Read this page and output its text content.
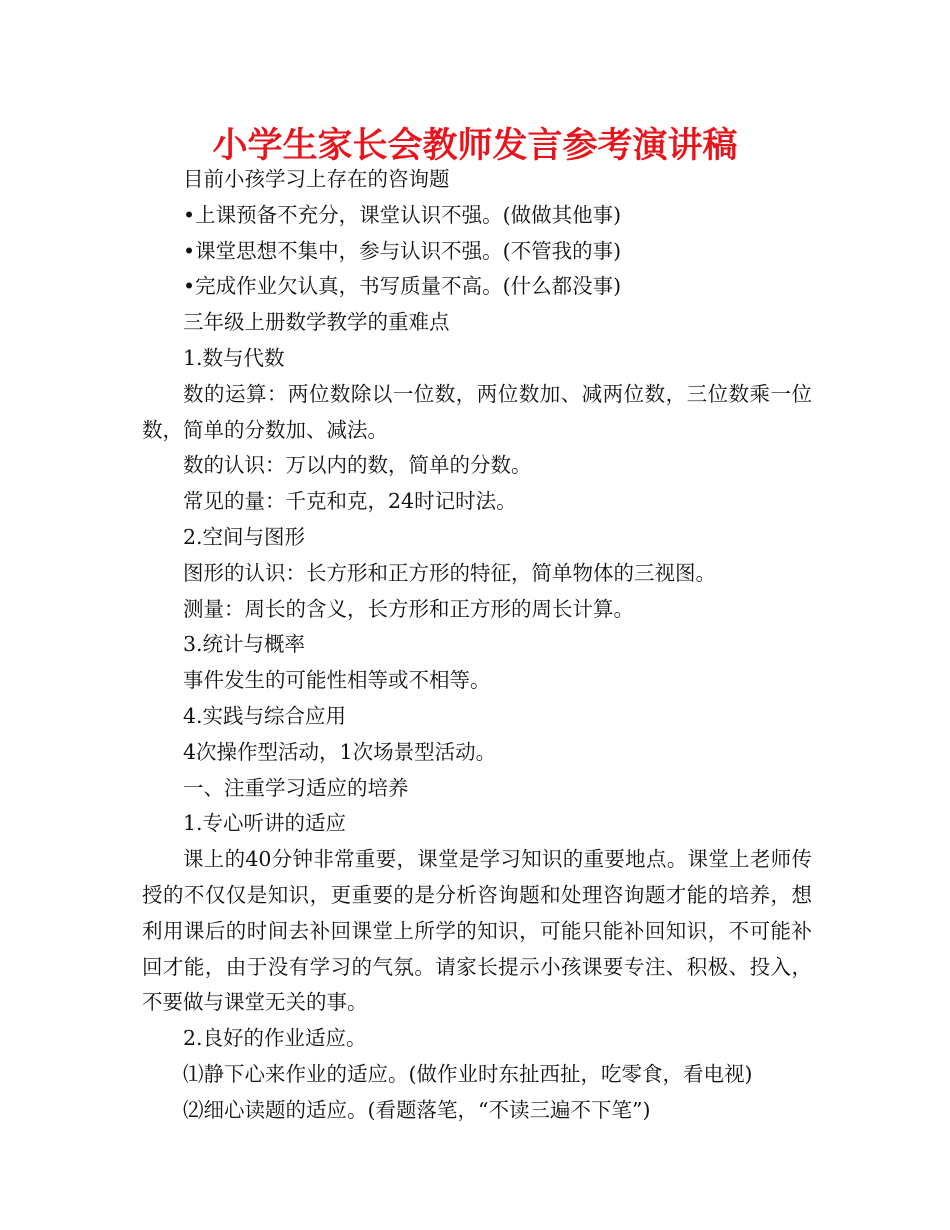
小学生家长会教师发言参考演讲稿

目前小孩学习上存在的咨询题

•上课预备不充分，课堂认识不强。(做做其他事)

•课堂思想不集中，参与认识不强。(不管我的事)

•完成作业欠认真，书写质量不高。(什么都没事)

三年级上册数学教学的重难点

1.数与代数

数的运算：两位数除以一位数，两位数加、减两位数，三位数乘一位数，简单的分数加、减法。

数的认识：万以内的数，简单的分数。

常见的量：千克和克，24时记时法。

2.空间与图形

图形的认识：长方形和正方形的特征，简单物体的三视图。

测量：周长的含义，长方形和正方形的周长计算。

3.统计与概率

事件发生的可能性相等或不相等。

4.实践与综合应用

4次操作型活动，1次场景型活动。

一、注重学习适应的培养

1.专心听讲的适应

课上的40分钟非常重要，课堂是学习知识的重要地点。课堂上老师传授的不仅仅是知识，更重要的是分析咨询题和处理咨询题才能的培养，想利用课后的时间去补回课堂上所学的知识，可能只能补回知识，不可能补回才能，由于没有学习的气氛。请家长提示小孩课要专注、积极、投入，不要做与课堂无关的事。

2.良好的作业适应。

⑴静下心来作业的适应。(做作业时东扯西扯，吃零食，看电视)

⑵细心读题的适应。(看题落笔，“不读三遍不下笔”)
